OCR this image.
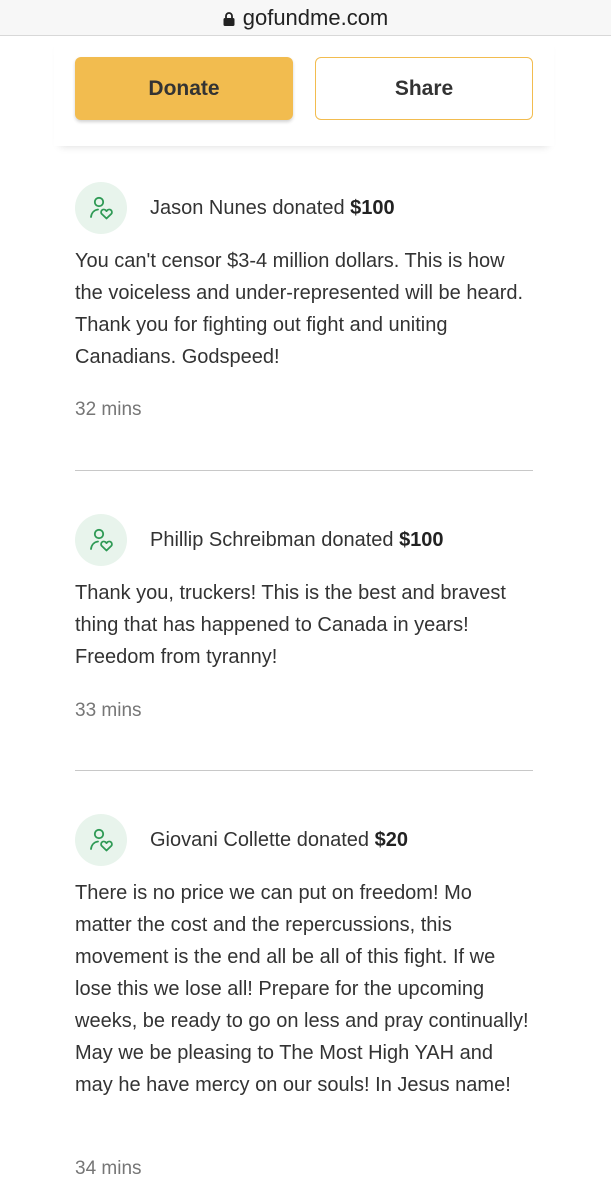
gofundme.com
Donate	Share
Jason Nunes donated $100
You can't censor $3-4 million dollars. This is how the voiceless and under-represented will be heard. Thank you for fighting out fight and uniting Canadians. Godspeed!
32 mins
Phillip Schreibman donated $100
Thank you, truckers! This is the best and bravest thing that has happened to Canada in years! Freedom from tyranny!
33 mins
Giovani Collette donated $20
There is no price we can put on freedom! Mo matter the cost and the repercussions, this movement is the end all be all of this fight. If we lose this we lose all! Prepare for the upcoming weeks, be ready to go on less and pray continually! May we be pleasing to The Most High YAH and may he have mercy on our souls! In Jesus name!
34 mins
